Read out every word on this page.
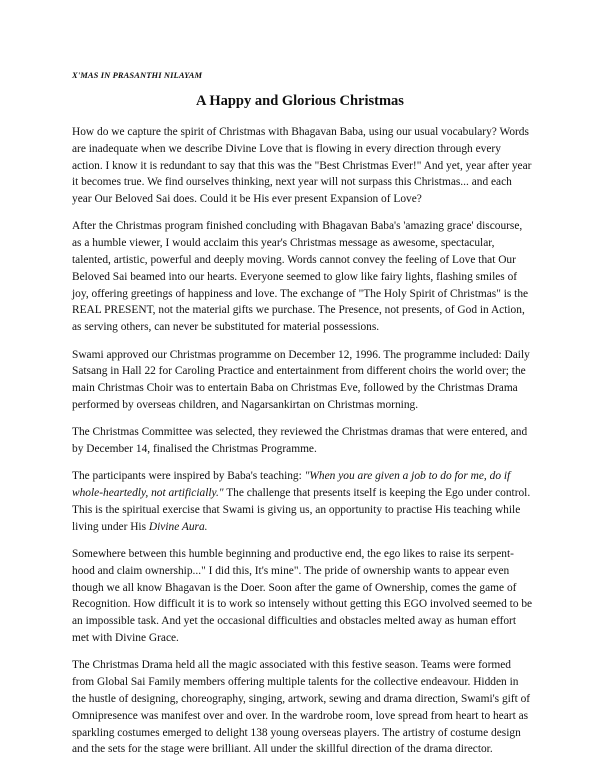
X'MAS IN PRASANTHI NILAYAM
A Happy and Glorious Christmas

How do we capture the spirit of Christmas with Bhagavan Baba, using our usual vocabulary? Words are inadequate when we describe Divine Love that is flowing in every direction through every action. I know it is redundant to say that this was the "Best Christmas Ever!" And yet, year after year it becomes true. We find ourselves thinking, next year will not surpass this Christmas... and each year Our Beloved Sai does. Could it be His ever present Expansion of Love?

After the Christmas program finished concluding with Bhagavan Baba's 'amazing grace' discourse, as a humble viewer, I would acclaim this year's Christmas message as awesome, spectacular, talented, artistic, powerful and deeply moving. Words cannot convey the feeling of Love that Our Beloved Sai beamed into our hearts. Everyone seemed to glow like fairy lights, flashing smiles of joy, offering greetings of happiness and love. The exchange of "The Holy Spirit of Christmas" is the REAL PRESENT, not the material gifts we purchase. The Presence, not presents, of God in Action, as serving others, can never be substituted for material possessions.

Swami approved our Christmas programme on December 12, 1996. The programme included: Daily Satsang in Hall 22 for Caroling Practice and entertainment from different choirs the world over; the main Christmas Choir was to entertain Baba on Christmas Eve, followed by the Christmas Drama performed by overseas children, and Nagarsankirtan on Christmas morning.

The Christmas Committee was selected, they reviewed the Christmas dramas that were entered, and by December 14, finalised the Christmas Programme.

The participants were inspired by Baba's teaching: "When you are given a job to do for me, do if whole-heartedly, not artificially." The challenge that presents itself is keeping the Ego under control. This is the spiritual exercise that Swami is giving us, an opportunity to practise His teaching while living under His Divine Aura.

Somewhere between this humble beginning and productive end, the ego likes to raise its serpent-hood and claim ownership..." I did this, It's mine". The pride of ownership wants to appear even though we all know Bhagavan is the Doer. Soon after the game of Ownership, comes the game of Recognition. How difficult it is to work so intensely without getting this EGO involved seemed to be an impossible task. And yet the occasional difficulties and obstacles melted away as human effort met with Divine Grace.

The Christmas Drama held all the magic associated with this festive season. Teams were formed from Global Sai Family members offering multiple talents for the collective endeavour. Hidden in the hustle of designing, choreography, singing, artwork, sewing and drama direction, Swami's gift of Omnipresence was manifest over and over. In the wardrobe room, love spread from heart to heart as sparkling costumes emerged to delight 138 young overseas players. The artistry of costume design and the sets for the stage were brilliant. All under the skillful direction of the drama director.
